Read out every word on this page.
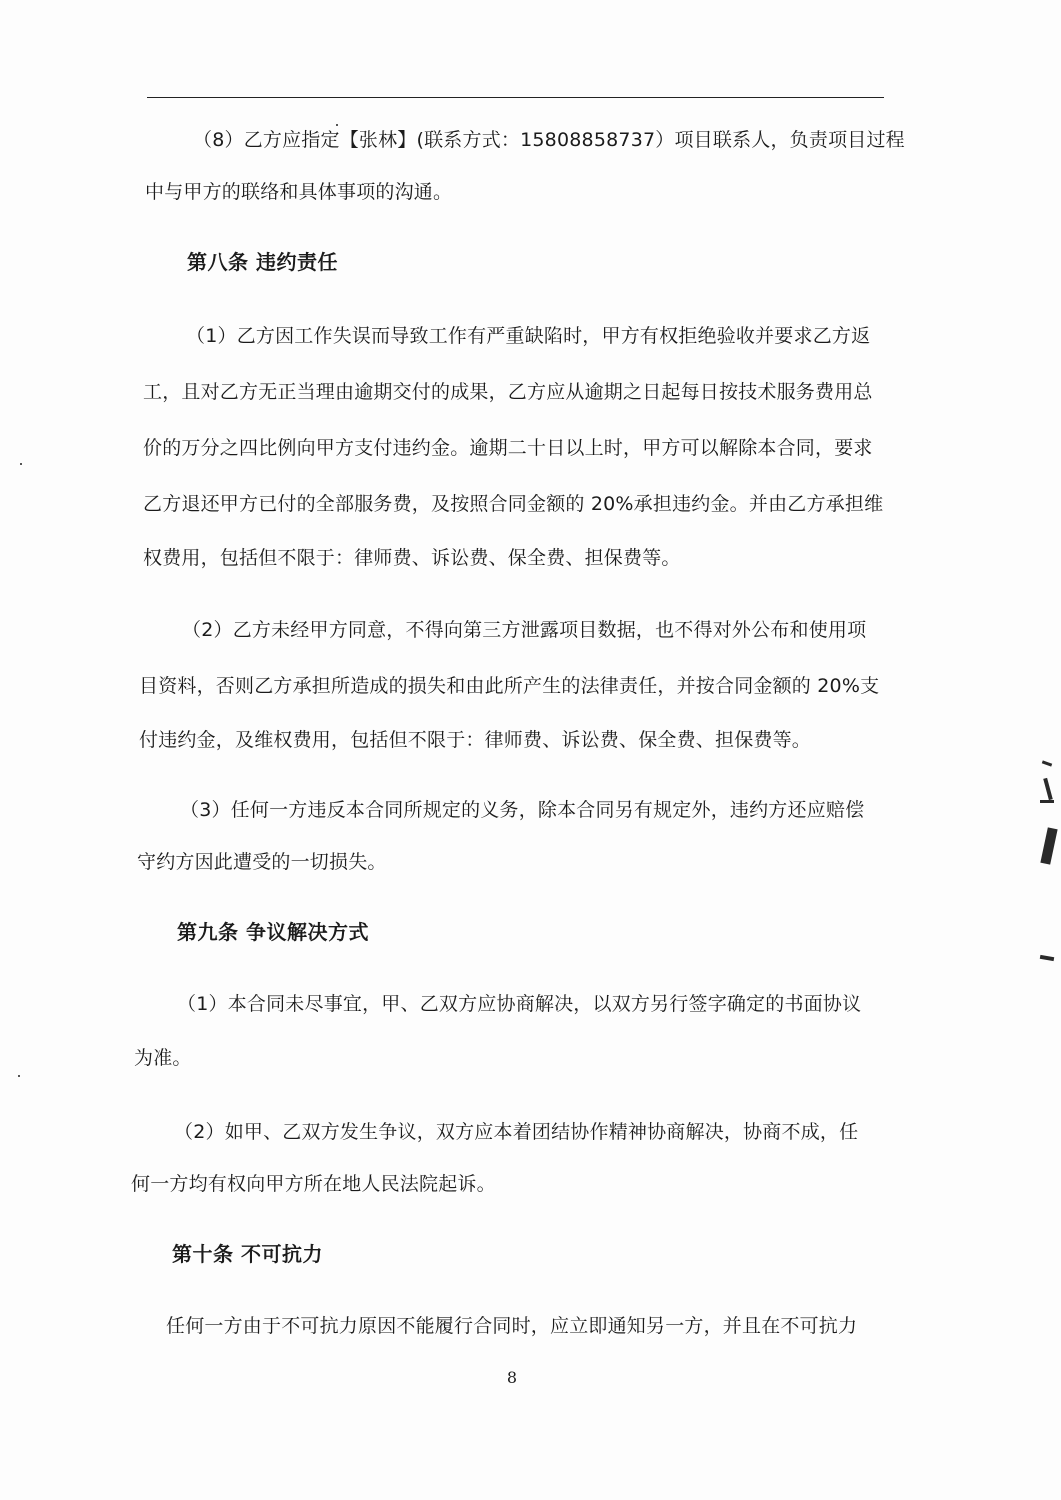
（8）乙方应指定【张林】(联系方式：15808858737）项目联系人，负责项目过程

中与甲方的联络和具体事项的沟通。

第八条 违约责任

（1）乙方因工作失误而导致工作有严重缺陷时，甲方有权拒绝验收并要求乙方返

工，且对乙方无正当理由逾期交付的成果，乙方应从逾期之日起每日按技术服务费用总

价的万分之四比例向甲方支付违约金。逾期二十日以上时，甲方可以解除本合同，要求

乙方退还甲方已付的全部服务费，及按照合同金额的 20%承担违约金。并由乙方承担维

权费用，包括但不限于：律师费、诉讼费、保全费、担保费等。

（2）乙方未经甲方同意，不得向第三方泄露项目数据，也不得对外公布和使用项

目资料，否则乙方承担所造成的损失和由此所产生的法律责任，并按合同金额的 20%支

付违约金，及维权费用，包括但不限于：律师费、诉讼费、保全费、担保费等。

（3）任何一方违反本合同所规定的义务，除本合同另有规定外，违约方还应赔偿

守约方因此遭受的一切损失。

第九条 争议解决方式

（1）本合同未尽事宜，甲、乙双方应协商解决，以双方另行签字确定的书面协议

为准。

（2）如甲、乙双方发生争议，双方应本着团结协作精神协商解决，协商不成，任

何一方均有权向甲方所在地人民法院起诉。

第十条 不可抗力

任何一方由于不可抗力原因不能履行合同时，应立即通知另一方，并且在不可抗力

8
